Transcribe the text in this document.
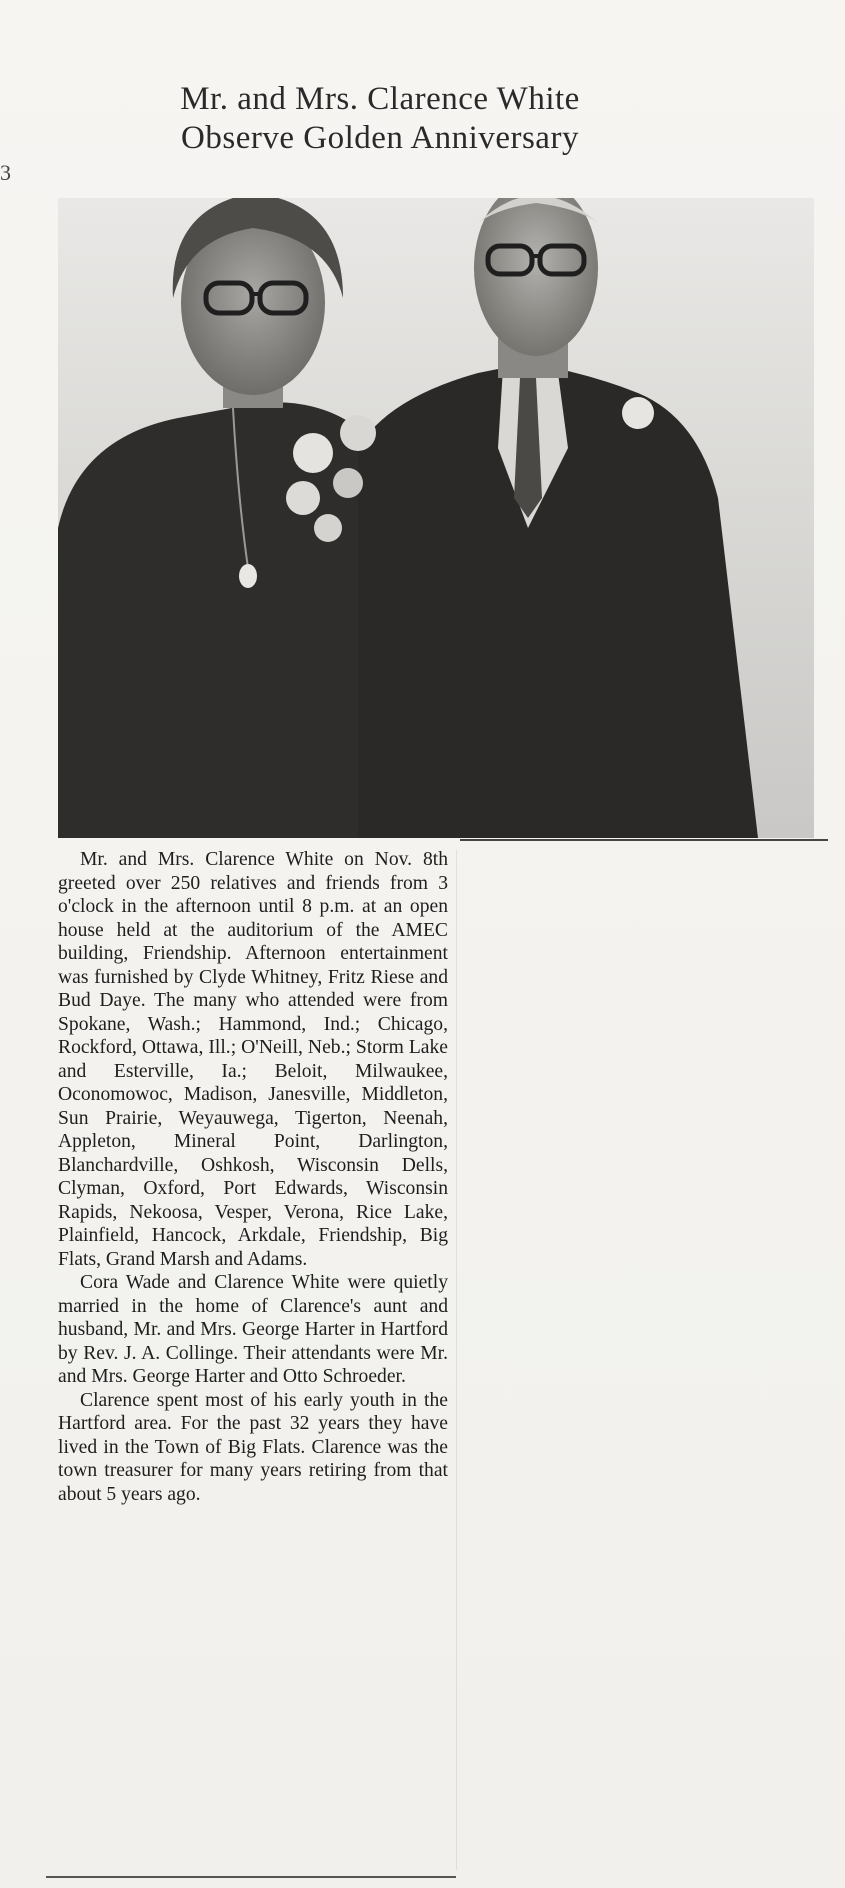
3
Mr. and Mrs. Clarence White
Observe Golden Anniversary

Mr. and Mrs. Clarence White on Nov. 8th greeted over 250 relatives and friends from 3 o'clock in the afternoon until 8 p.m. at an open house held at the auditorium of the AMEC building, Friendship. Afternoon entertainment was furnished by Clyde Whitney, Fritz Riese and Bud Daye. The many who attended were from Spokane, Wash.; Hammond, Ind.; Chicago, Rockford, Ottawa, Ill.; O'Neill, Neb.; Storm Lake and Esterville, Ia.; Beloit, Milwaukee, Oconomowoc, Madison, Janesville, Middleton, Sun Prairie, Weyauwega, Tigerton, Neenah, Appleton, Mineral Point, Darlington, Blanchardville, Oshkosh, Wisconsin Dells, Clyman, Oxford, Port Edwards, Wisconsin Rapids, Nekoosa, Vesper, Verona, Rice Lake, Plainfield, Hancock, Arkdale, Friendship, Big Flats, Grand Marsh and Adams.

Cora Wade and Clarence White were quietly married in the home of Clarence's aunt and husband, Mr. and Mrs. George Harter in Hartford by Rev. J. A. Collinge. Their attendants were Mr. and Mrs. George Harter and Otto Schroeder.

Clarence spent most of his early youth in the Hartford area. For the past 32 years they have lived in the Town of Big Flats. Clarence was the town treasurer for many years retiring from that about 5 years ago.
